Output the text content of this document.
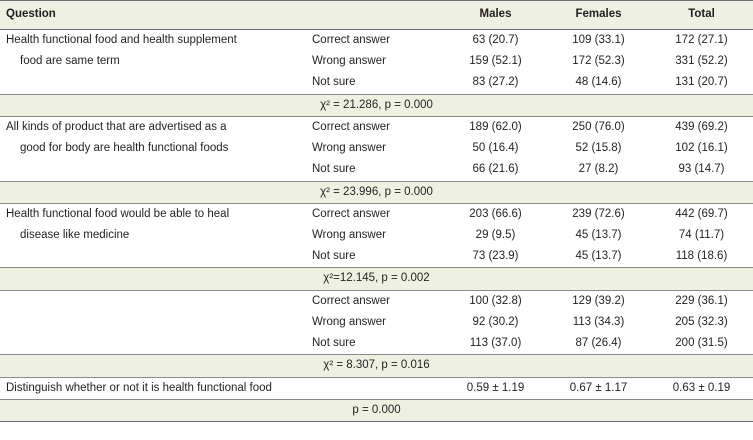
Question		Males	Females	Total
Health functional food and health supplement	Correct answer	63 (20.7)	109 (33.1)	172 (27.1)
food are same term	Wrong answer	159 (52.1)	172 (52.3)	331 (52.2)
	Not sure	83 (27.2)	48 (14.6)	131 (20.7)
χ² = 21.286, p = 0.000				
All kinds of product that are advertised as a	Correct answer	189 (62.0)	250 (76.0)	439 (69.2)
good for body are health functional foods	Wrong answer	50 (16.4)	52 (15.8)	102 (16.1)
	Not sure	66 (21.6)	27 (8.2)	93 (14.7)
χ² = 23.996, p = 0.000				
Health functional food would be able to heal	Correct answer	203 (66.6)	239 (72.6)	442 (69.7)
disease like medicine	Wrong answer	29 (9.5)	45 (13.7)	74 (11.7)
	Not sure	73 (23.9)	45 (13.7)	118 (18.6)
χ²=12.145, p = 0.002				
	Correct answer	100 (32.8)	129 (39.2)	229 (36.1)
	Wrong answer	92 (30.2)	113 (34.3)	205 (32.3)
	Not sure	113 (37.0)	87 (26.4)	200 (31.5)
χ² = 8.307, p = 0.016				
Distinguish whether or not it is health functional food		0.59 ± 1.19	0.67 ± 1.17	0.63 ± 0.19
p = 0.000				
